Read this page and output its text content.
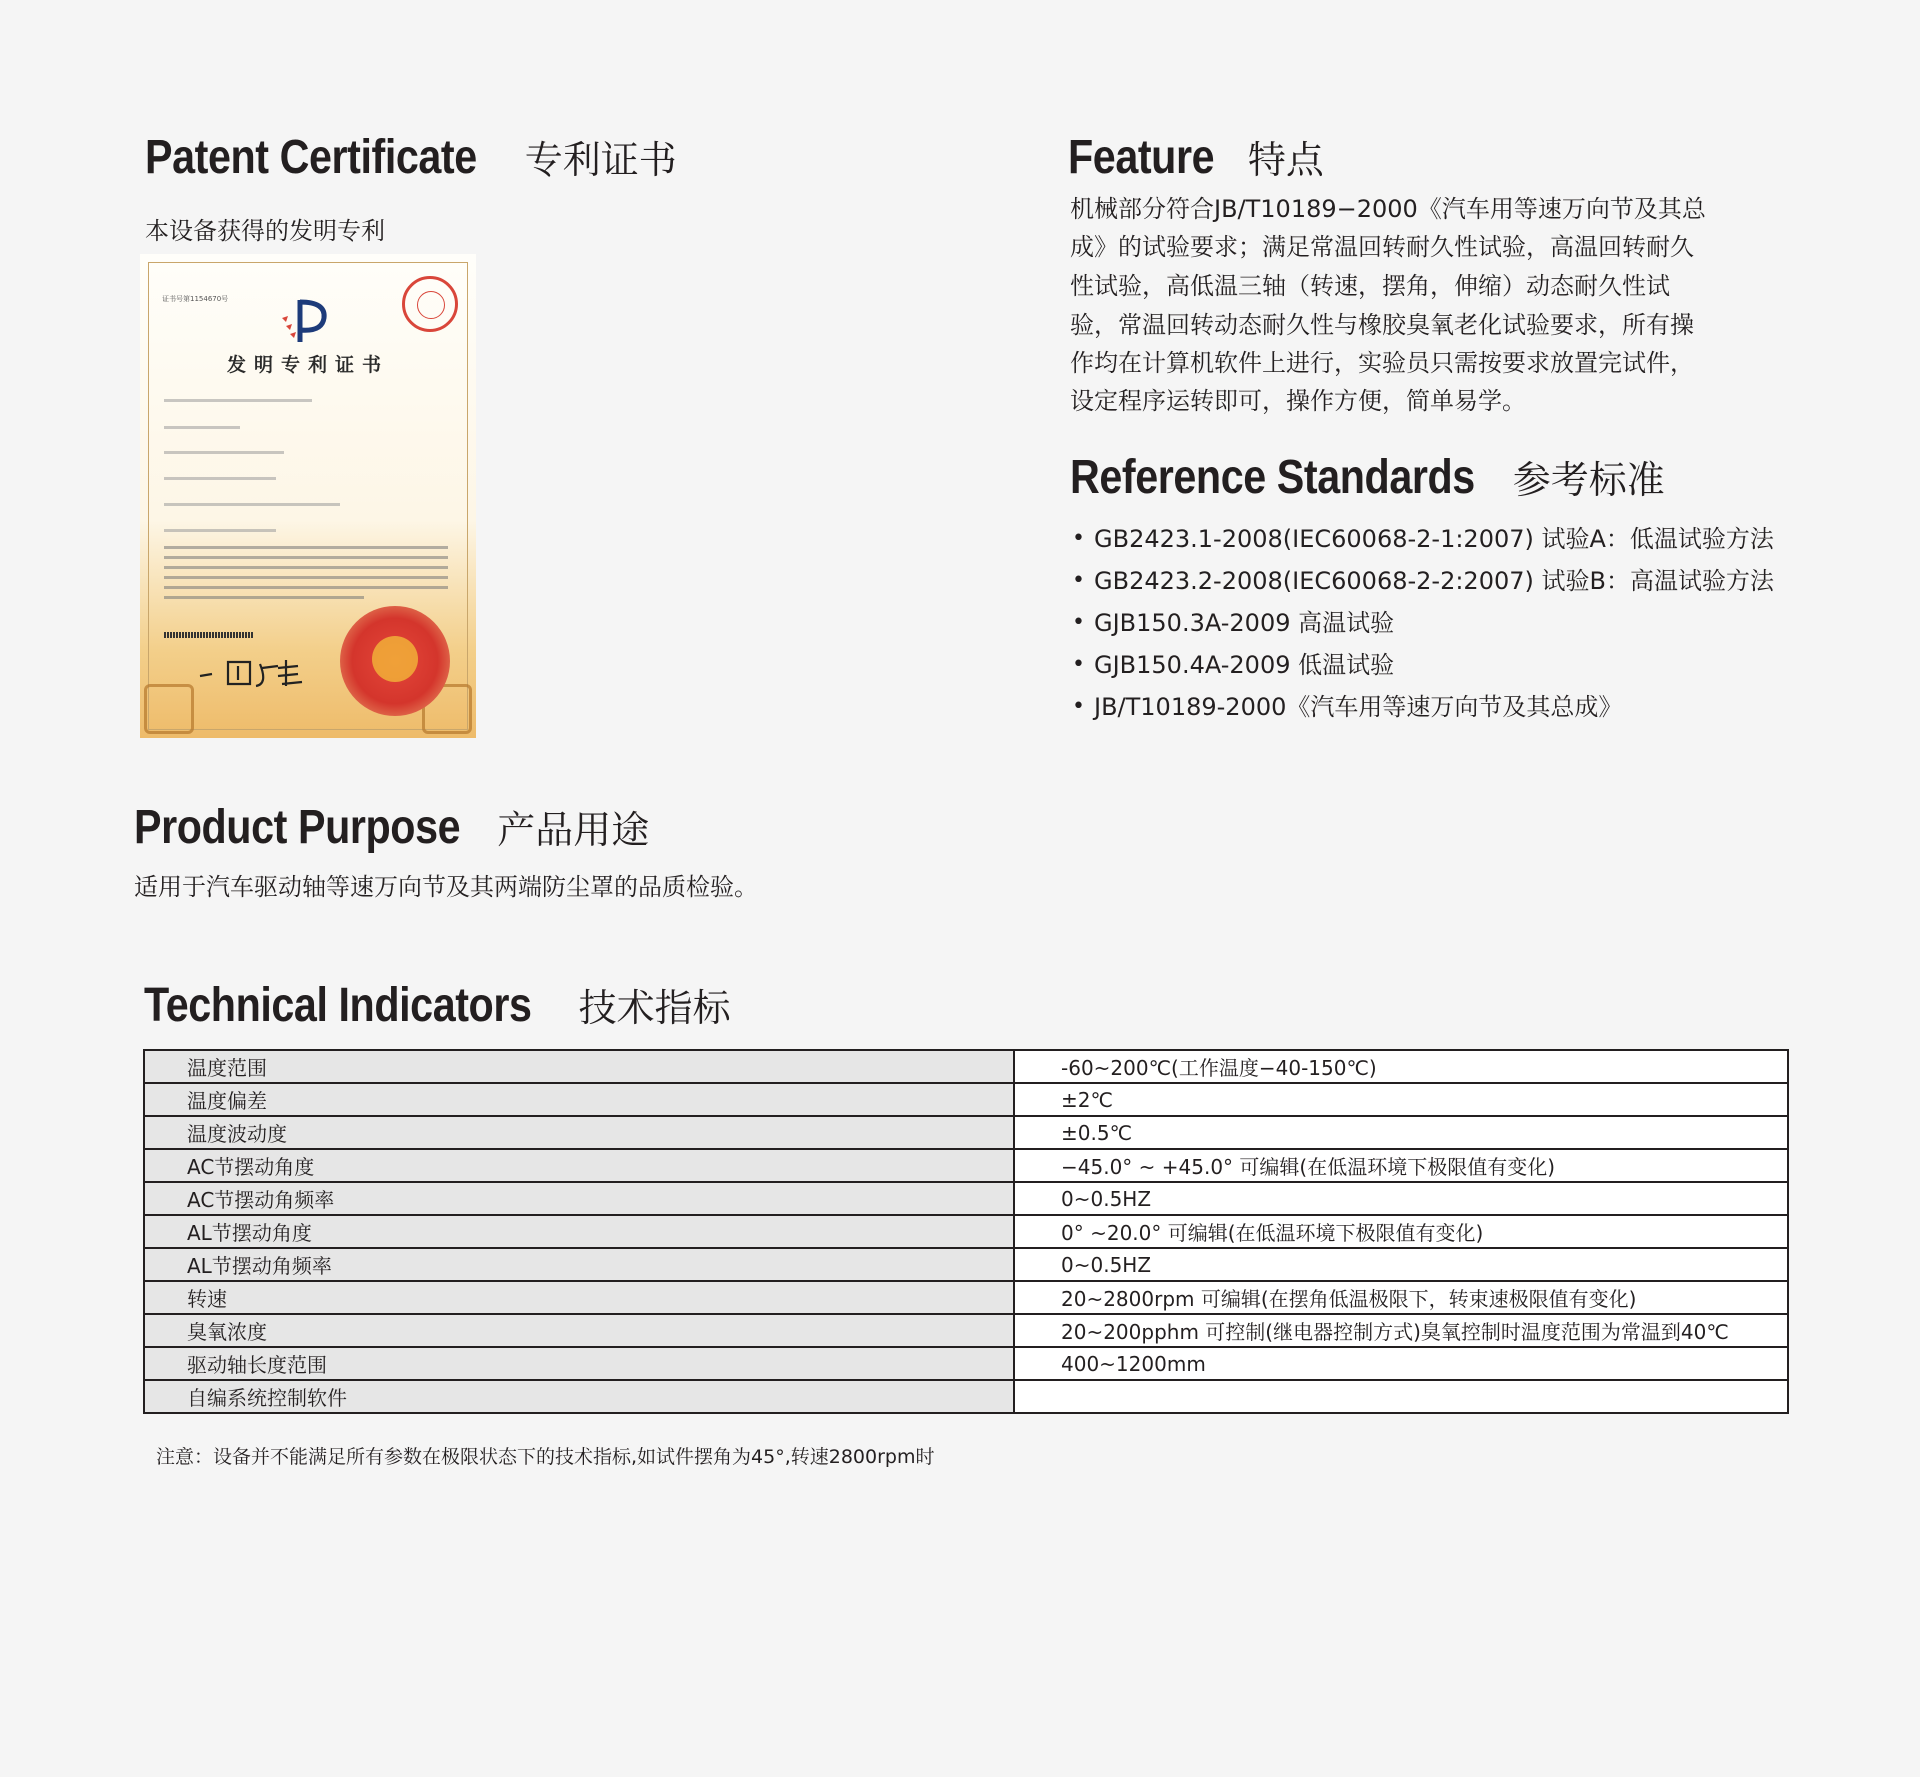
Patent Certificate 专利证书
本设备获得的发明专利
证书号第1154670号
发明专利证书
Feature 特点
机械部分符合JB/T10189−2000《汽车用等速万向节及其总
成》的试验要求；满足常温回转耐久性试验，高温回转耐久
性试验，高低温三轴（转速，摆角，伸缩）动态耐久性试
验，常温回转动态耐久性与橡胶臭氧老化试验要求，所有操
作均在计算机软件上进行，实验员只需按要求放置完试件，
设定程序运转即可，操作方便，简单易学。
Reference Standards 参考标准
• GB2423.1-2008(IEC60068-2-1:2007) 试验A：低温试验方法
• GB2423.2-2008(IEC60068-2-2:2007) 试验B：高温试验方法
• GJB150.3A-2009 高温试验
• GJB150.4A-2009 低温试验
• JB/T10189-2000《汽车用等速万向节及其总成》
Product Purpose 产品用途
适用于汽车驱动轴等速万向节及其两端防尘罩的品质检验。
Technical Indicators 技术指标
温度范围	-60~200℃(工作温度−40-150℃)
温度偏差	±2℃
温度波动度	±0.5℃
AC节摆动角度	−45.0° ~ +45.0° 可编辑(在低温环境下极限值有变化)
AC节摆动角频率	0~0.5HZ
AL节摆动角度	0° ~20.0° 可编辑(在低温环境下极限值有变化)
AL节摆动角频率	0~0.5HZ
转速	20~2800rpm 可编辑(在摆角低温极限下，转束速极限值有变化)
臭氧浓度	20~200pphm 可控制(继电器控制方式)臭氧控制时温度范围为常温到40℃
驱动轴长度范围	400~1200mm
自编系统控制软件	
注意：设备并不能满足所有参数在极限状态下的技术指标,如试件摆角为45°,转速2800rpm时
